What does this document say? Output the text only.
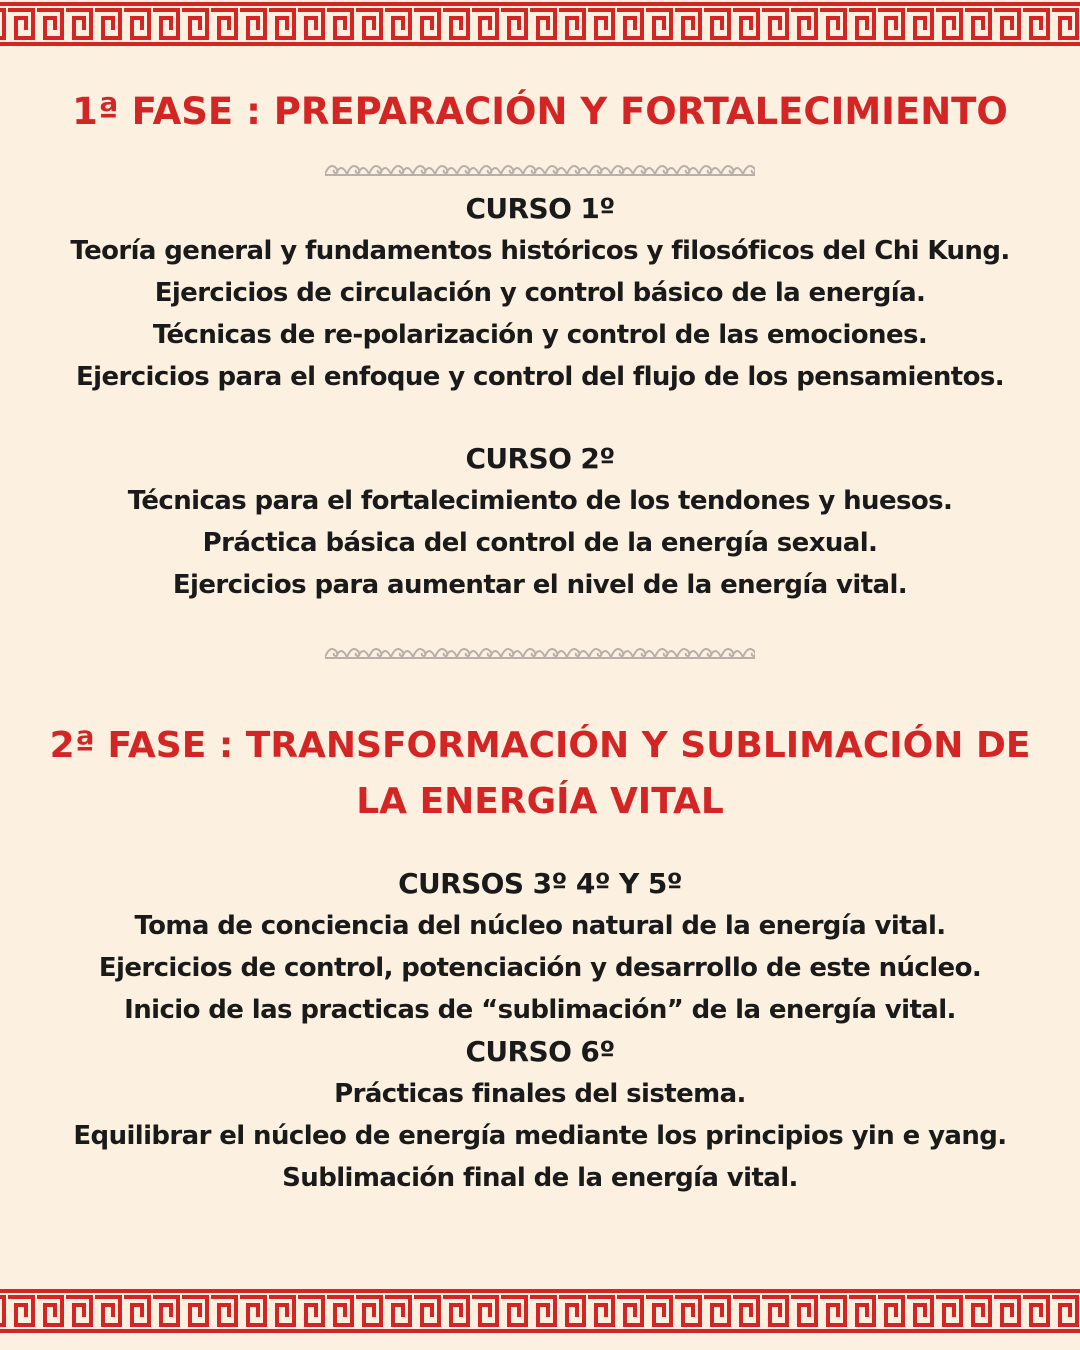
1ª FASE : PREPARACIÓN Y FORTALECIMIENTO
CURSO 1º
Teoría general y fundamentos históricos y filosóficos del Chi Kung.
Ejercicios de circulación y control básico de la energía.
Técnicas de re-polarización y control de las emociones.
Ejercicios para el enfoque y control del flujo de los pensamientos.
CURSO 2º
Técnicas para el fortalecimiento de los tendones y huesos.
Práctica básica del control de la energía sexual.
Ejercicios para aumentar el nivel de la energía vital.
2ª FASE : TRANSFORMACIÓN Y SUBLIMACIÓN DE LA ENERGÍA VITAL
CURSOS 3º 4º Y 5º
Toma de conciencia del núcleo natural de la energía vital.
Ejercicios de control, potenciación y desarrollo de este núcleo.
Inicio de las practicas de “sublimación” de la energía vital.
CURSO 6º
Prácticas finales del sistema.
Equilibrar el núcleo de energía mediante los principios yin e yang.
Sublimación final de la energía vital.
